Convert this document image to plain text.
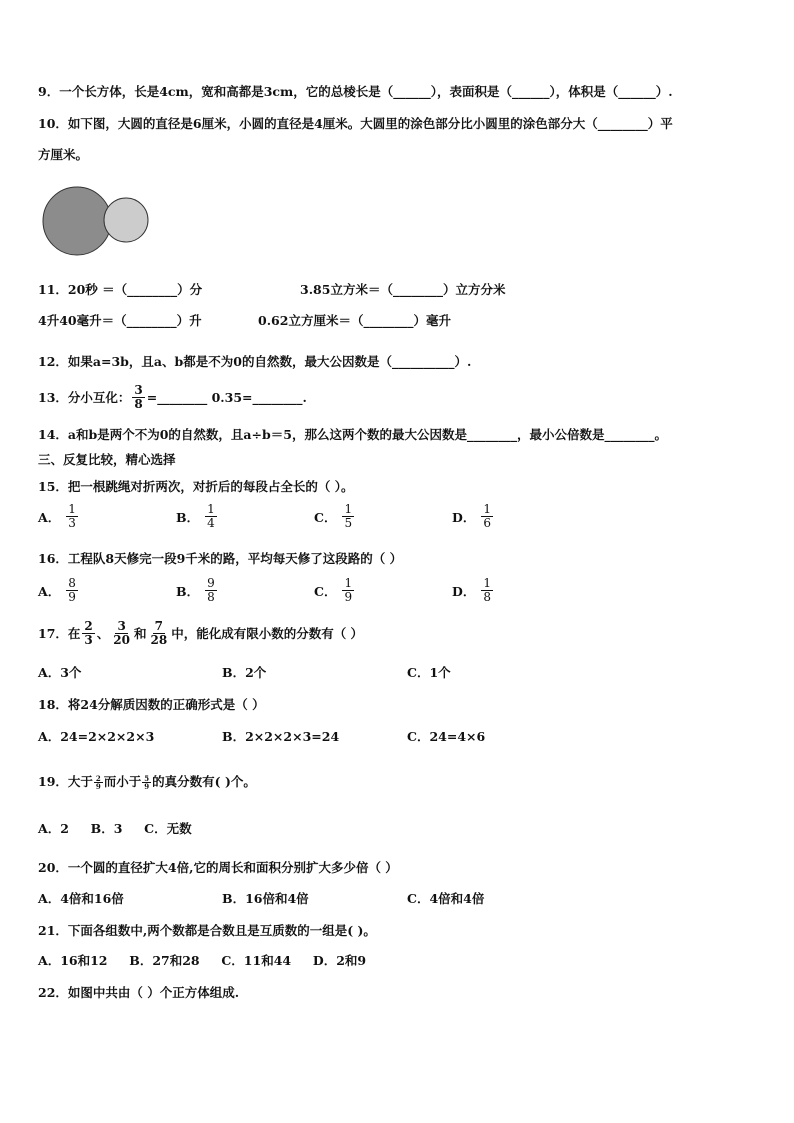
9．一个长方体，长是4cm，宽和高都是3cm，它的总棱长是（______），表面积是（______），体积是（______）.
10．如下图，大圆的直径是6厘米，小圆的直径是4厘米。大圆里的涂色部分比小圆里的涂色部分大（________）平
方厘米。
11．20秒 ＝（________）分	3.85立方米＝（________）立方分米
4升40毫升＝（________）升	0.62立方厘米＝（________）毫升
12．如果a=3b，且a、b都是不为0的自然数，最大公因数是（__________）.
13．分小互化： $\frac{3}{8}$ =________ 0.35=________.
14．a和b是两个不为0的自然数，且a÷b＝5，那么这两个数的最大公因数是________，最小公倍数是________。
三、反复比较，精心选择
15．把一根跳绳对折两次，对折后的每段占全长的（ ）。
A． $\frac{1}{3}$	B． $\frac{1}{4}$	C． $\frac{1}{5}$	D． $\frac{1}{6}$
16．工程队8天修完一段9千米的路，平均每天修了这段路的（ ）
A． $\frac{8}{9}$	B． $\frac{9}{8}$	C． $\frac{1}{9}$	D． $\frac{1}{8}$
17．在 $\frac{2}{3}$ 、 $\frac{3}{20}$ 和 $\frac{7}{28}$ 中，能化成有限小数的分数有（ ）
A．3个	B．2个	C．1个
18．将24分解质因数的正确形式是（ ）
A．24=2×2×2×3	B．2×2×2×3=24	C．24=4×6
19．大于 $\frac{2}{9}$ 而小于 $\frac{5}{9}$ 的真分数有( )个。
A．2     B．3     C．无数
20．一个圆的直径扩大4倍,它的周长和面积分别扩大多少倍（ ）
A．4倍和16倍	B．16倍和4倍	C．4倍和4倍
21．下面各组数中,两个数都是合数且是互质数的一组是( )。
A．16和12     B．27和28     C．11和44     D．2和9
22．如图中共由（ ）个正方体组成.
